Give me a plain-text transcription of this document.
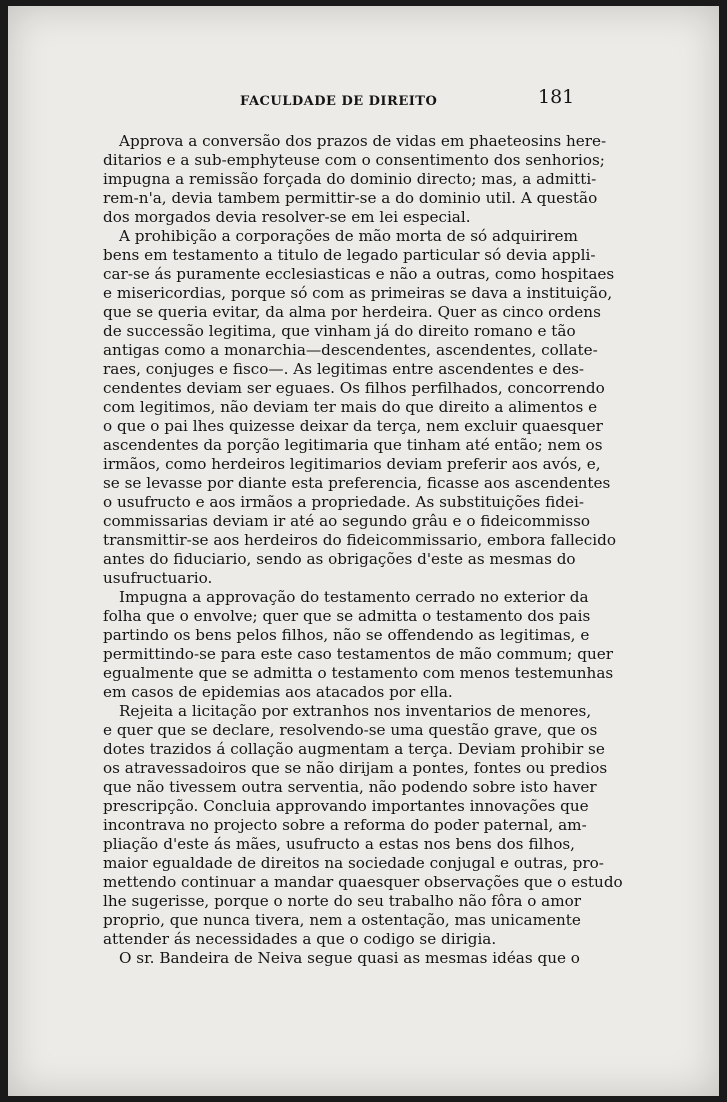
FACULDADE DE DIREITO	181

Approva a conversão dos prazos de vidas em phaeteosins here-
ditarios e a sub-emphyteuse com o consentimento dos senhorios;
impugna a remissão forçada do dominio directo; mas, a admitti-
rem-n'a, devia tambem permittir-se a do dominio util. A questão
dos morgados devia resolver-se em lei especial.

A prohibição a corporações de mão morta de só adquirirem
bens em testamento a titulo de legado particular só devia appli-
car-se ás puramente ecclesiasticas e não a outras, como hospitaes
e misericordias, porque só com as primeiras se dava a instituição,
que se queria evitar, da alma por herdeira. Quer as cinco ordens
de successão legitima, que vinham já do direito romano e tão
antigas como a monarchia—descendentes, ascendentes, collate-
raes, conjuges e fisco—. As legitimas entre ascendentes e des-
cendentes deviam ser eguaes. Os filhos perfilhados, concorrendo
com legitimos, não deviam ter mais do que direito a alimentos e
o que o pai lhes quizesse deixar da terça, nem excluir quaesquer
ascendentes da porção legitimaria que tinham até então; nem os
irmãos, como herdeiros legitimarios deviam preferir aos avós, e,
se se levasse por diante esta preferencia, ficasse aos ascendentes
o usufructo e aos irmãos a propriedade. As substituições fidei-
commissarias deviam ir até ao segundo grâu e o fideicommisso
transmittir-se aos herdeiros do fideicommissario, embora fallecido
antes do fiduciario, sendo as obrigações d'este as mesmas do
usufructuario.

Impugna a approvação do testamento cerrado no exterior da
folha que o envolve; quer que se admitta o testamento dos pais
partindo os bens pelos filhos, não se offendendo as legitimas, e
permittindo-se para este caso testamentos de mão commum; quer
egualmente que se admitta o testamento com menos testemunhas
em casos de epidemias aos atacados por ella.

Rejeita a licitação por extranhos nos inventarios de menores,
e quer que se declare, resolvendo-se uma questão grave, que os
dotes trazidos á collação augmentam a terça. Deviam prohibir se
os atravessadoiros que se não dirijam a pontes, fontes ou predios
que não tivessem outra serventia, não podendo sobre isto haver
prescripção. Concluia approvando importantes innovações que
incontrava no projecto sobre a reforma do poder paternal, am-
pliação d'este ás mães, usufructo a estas nos bens dos filhos,
maior egualdade de direitos na sociedade conjugal e outras, pro-
mettendo continuar a mandar quaesquer observações que o estudo
lhe sugerisse, porque o norte do seu trabalho não fôra o amor
proprio, que nunca tivera, nem a ostentação, mas unicamente
attender ás necessidades a que o codigo se dirigia.

O sr. Bandeira de Neiva segue quasi as mesmas idéas que o
